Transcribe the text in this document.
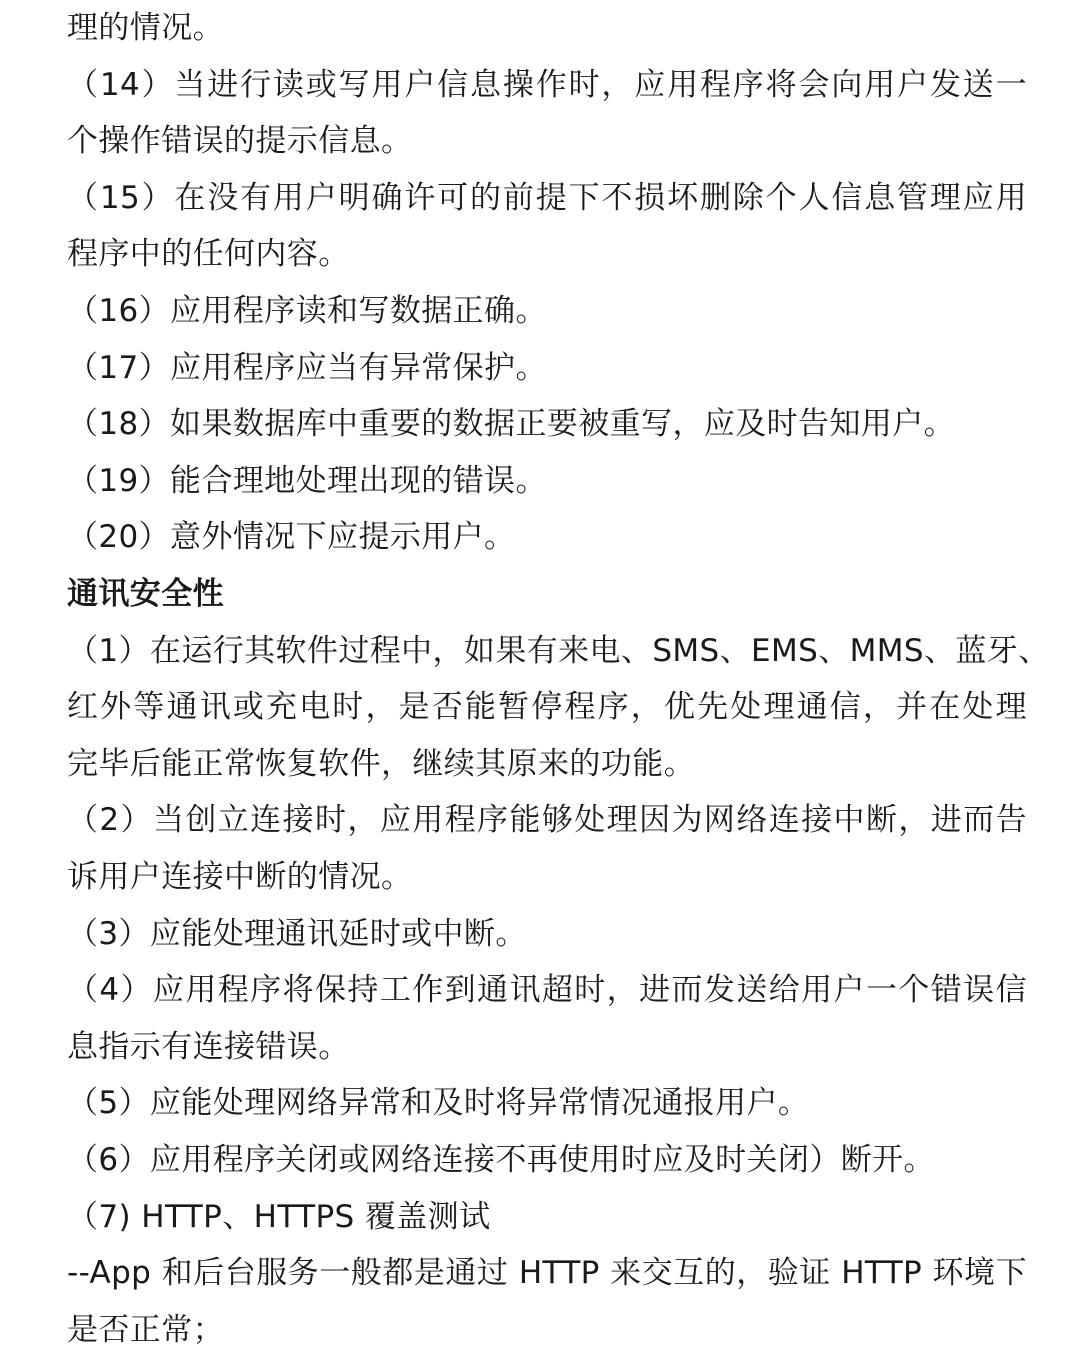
理的情况。
（14）当进行读或写用户信息操作时，应用程序将会向用户发送一
个操作错误的提示信息。
（15）在没有用户明确许可的前提下不损坏删除个人信息管理应用
程序中的任何内容。
（16）应用程序读和写数据正确。
（17）应用程序应当有异常保护。
（18）如果数据库中重要的数据正要被重写，应及时告知用户。
（19）能合理地处理出现的错误。
（20）意外情况下应提示用户。
通讯安全性
（1）在运行其软件过程中，如果有来电、SMS、EMS、MMS、蓝牙、
红外等通讯或充电时，是否能暂停程序，优先处理通信，并在处理
完毕后能正常恢复软件，继续其原来的功能。
（2）当创立连接时，应用程序能够处理因为网络连接中断，进而告
诉用户连接中断的情况。
（3）应能处理通讯延时或中断。
（4）应用程序将保持工作到通讯超时，进而发送给用户一个错误信
息指示有连接错误。
（5）应能处理网络异常和及时将异常情况通报用户。
（6）应用程序关闭或网络连接不再使用时应及时关闭）断开。
（7) HTTP、HTTPS 覆盖测试
--App 和后台服务一般都是通过 HTTP 来交互的，验证 HTTP 环境下
是否正常；
